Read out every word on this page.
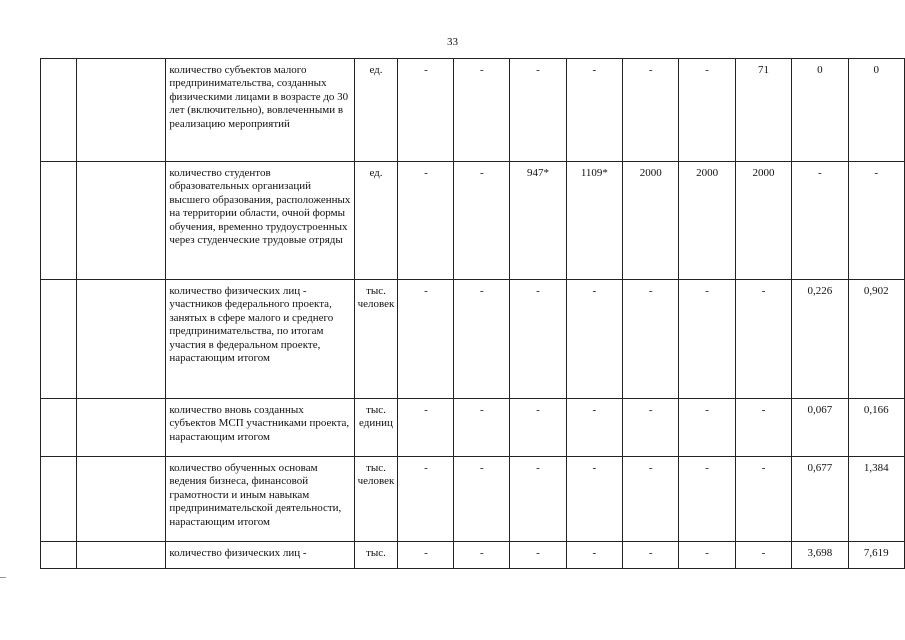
33
		количество субъектов малого предпринимательства, созданных физическими лицами в возрасте до 30 лет (включительно), вовлеченными в реализацию мероприятий	ед.	-	-	-	-	-	-	71	0	0
		количество студентов образовательных организаций высшего образования, расположенных на территории области, очной формы обучения, временно трудоустроенных через студенческие трудовые отряды	ед.	-	-	947*	1109*	2000	2000	2000	-	-
		количество физических лиц - участников федерального проекта, занятых в сфере малого и среднего предпринимательства, по итогам участия в федеральном проекте, нарастающим итогом	тыс. человек	-	-	-	-	-	-	-	0,226	0,902
		количество вновь созданных субъектов МСП участниками проекта, нарастающим итогом	тыс. единиц	-	-	-	-	-	-	-	0,067	0,166
		количество обученных основам ведения бизнеса, финансовой грамотности и иным навыкам предпринимательской деятельности, нарастающим итогом	тыс. человек	-	-	-	-	-	-	-	0,677	1,384
		количество физических лиц -	тыс.	-	-	-	-	-	-	-	3,698	7,619
